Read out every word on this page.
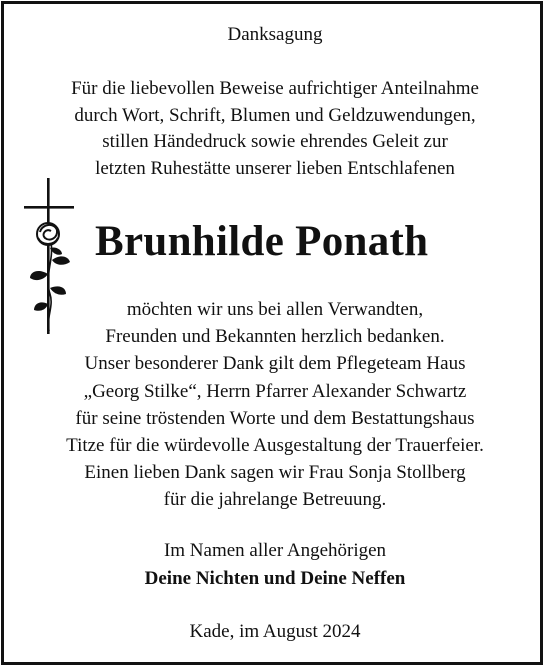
Danksagung
Für die liebevollen Beweise aufrichtiger Anteilnahme
durch Wort, Schrift, Blumen und Geldzuwendungen,
stillen Händedruck sowie ehrendes Geleit zur
letzten Ruhestätte unserer lieben Entschlafenen
Brunhilde Ponath
möchten wir uns bei allen Verwandten,
Freunden und Bekannten herzlich bedanken.
Unser besonderer Dank gilt dem Pflegeteam Haus
„Georg Stilke“, Herrn Pfarrer Alexander Schwartz
für seine tröstenden Worte und dem Bestattungshaus
Titze für die würdevolle Ausgestaltung der Trauerfeier.
Einen lieben Dank sagen wir Frau Sonja Stollberg
für die jahrelange Betreuung.
Im Namen aller Angehörigen
Deine Nichten und Deine Neffen
Kade, im August 2024
